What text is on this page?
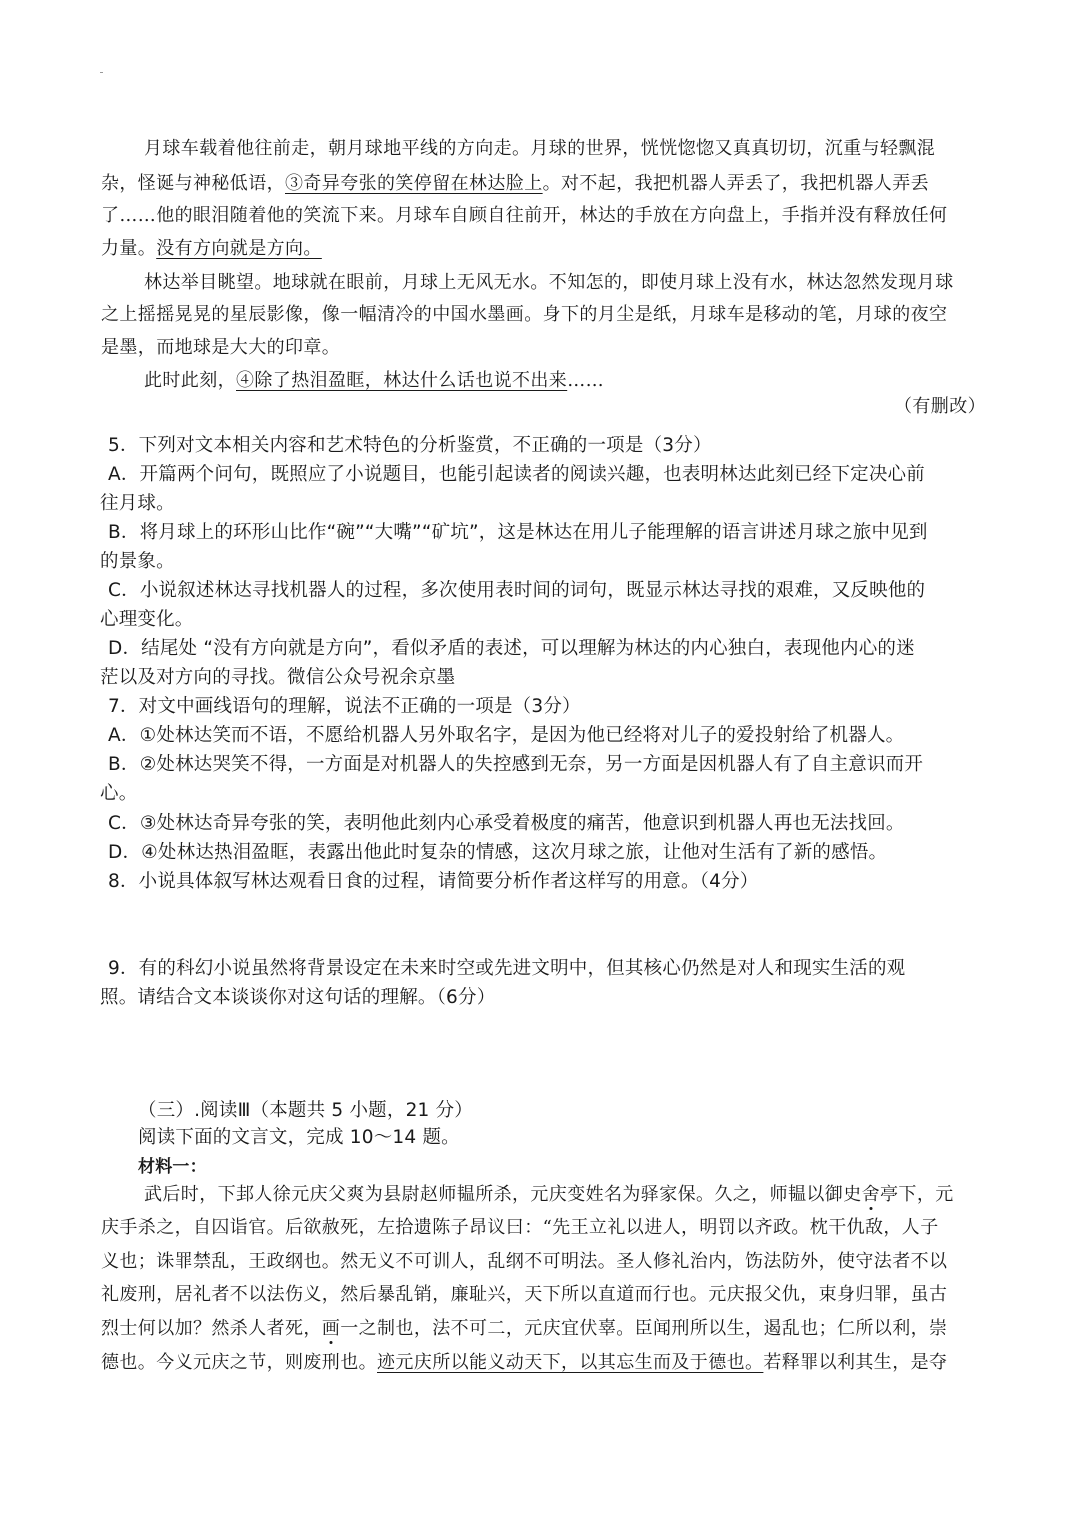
月球车载着他往前走，朝月球地平线的方向走。月球的世界，恍恍惚惚又真真切切，沉重与轻飘混
杂，怪诞与神秘低语，③奇异夸张的笑停留在林达脸上。对不起，我把机器人弄丢了，我把机器人弄丢
了……他的眼泪随着他的笑流下来。月球车自顾自往前开，林达的手放在方向盘上，手指并没有释放任何
力量。没有方向就是方向。
林达举目眺望。地球就在眼前，月球上无风无水。不知怎的，即使月球上没有水，林达忽然发现月球
之上摇摇晃晃的星辰影像，像一幅清冷的中国水墨画。身下的月尘是纸，月球车是移动的笔，月球的夜空
是墨，而地球是大大的印章。
此时此刻，④除了热泪盈眶，林达什么话也说不出来……
（有删改）
5．下列对文本相关内容和艺术特色的分析鉴赏，不正确的一项是（3分）
A．开篇两个问句，既照应了小说题目，也能引起读者的阅读兴趣，也表明林达此刻已经下定决心前
往月球。
B．将月球上的环形山比作“碗”“大嘴”“矿坑”，这是林达在用儿子能理解的语言讲述月球之旅中见到
的景象。
C．小说叙述林达寻找机器人的过程，多次使用表时间的词句，既显示林达寻找的艰难，又反映他的
心理变化。
D．结尾处 “没有方向就是方向”，看似矛盾的表述，可以理解为林达的内心独白，表现他内心的迷
茫以及对方向的寻找。微信公众号祝余京墨
7．对文中画线语句的理解，说法不正确的一项是（3分）
A．①处林达笑而不语，不愿给机器人另外取名字，是因为他已经将对儿子的爱投射给了机器人。
B．②处林达哭笑不得，一方面是对机器人的失控感到无奈，另一方面是因机器人有了自主意识而开
心。
C．③处林达奇异夸张的笑，表明他此刻内心承受着极度的痛苦，他意识到机器人再也无法找回。
D．④处林达热泪盈眶，表露出他此时复杂的情感，这次月球之旅，让他对生活有了新的感悟。
8．小说具体叙写林达观看日食的过程，请简要分析作者这样写的用意。（4分）
9．有的科幻小说虽然将背景设定在未来时空或先进文明中，但其核心仍然是对人和现实生活的观
照。请结合文本谈谈你对这句话的理解。（6分）
（三）.阅读Ⅲ（本题共 5 小题，21 分）
阅读下面的文言文，完成 10～14 题。
材料一：
武后时，下邽人徐元庆父爽为县尉赵师韫所杀，元庆变姓名为驿家保。久之，师韫以御史舍亭下，元
庆手杀之，自囚诣官。后欲赦死，左拾遗陈子昂议曰：“先王立礼以进人，明罚以齐政。枕干仇敌，人子
义也；诛罪禁乱，王政纲也。然无义不可训人，乱纲不可明法。圣人修礼治内，饬法防外，使守法者不以
礼废刑，居礼者不以法伤义，然后暴乱销，廉耻兴，天下所以直道而行也。元庆报父仇，束身归罪，虽古
烈士何以加？然杀人者死，画一之制也，法不可二，元庆宜伏辜。臣闻刑所以生，遏乱也；仁所以利，崇
德也。今义元庆之节，则废刑也。迹元庆所以能义动天下，以其忘生而及于德也。若释罪以利其生，是夺
